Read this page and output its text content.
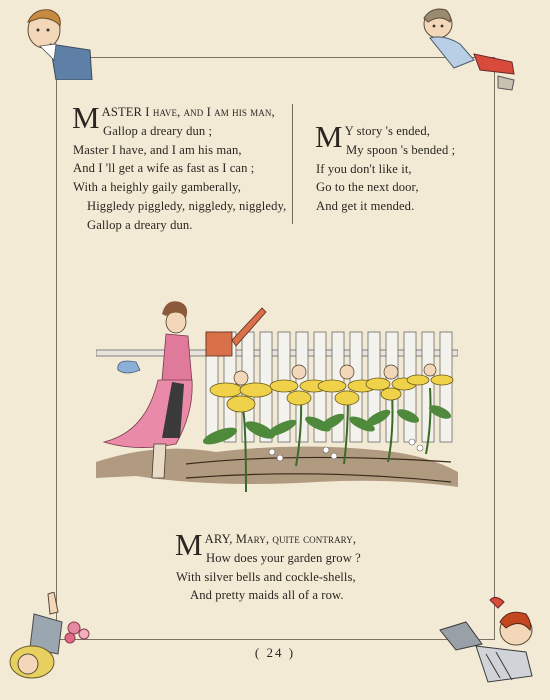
M ASTER I have, and I am his man,
Gallop a dreary dun ;
Master I have, and I am his man,
And I 'll get a wife as fast as I can ;
With a heighly gaily gamberally,
Higgledy piggledy, niggledy, niggledy,
Gallop a dreary dun.
M Y story 's ended,
My spoon 's bended ;
If you don't like it,
Go to the next door,
And get it mended.
M ARY, Mary, quite contrary,
How does your garden grow ?
With silver bells and cockle-shells,
And pretty maids all of a row.
( 24 )
